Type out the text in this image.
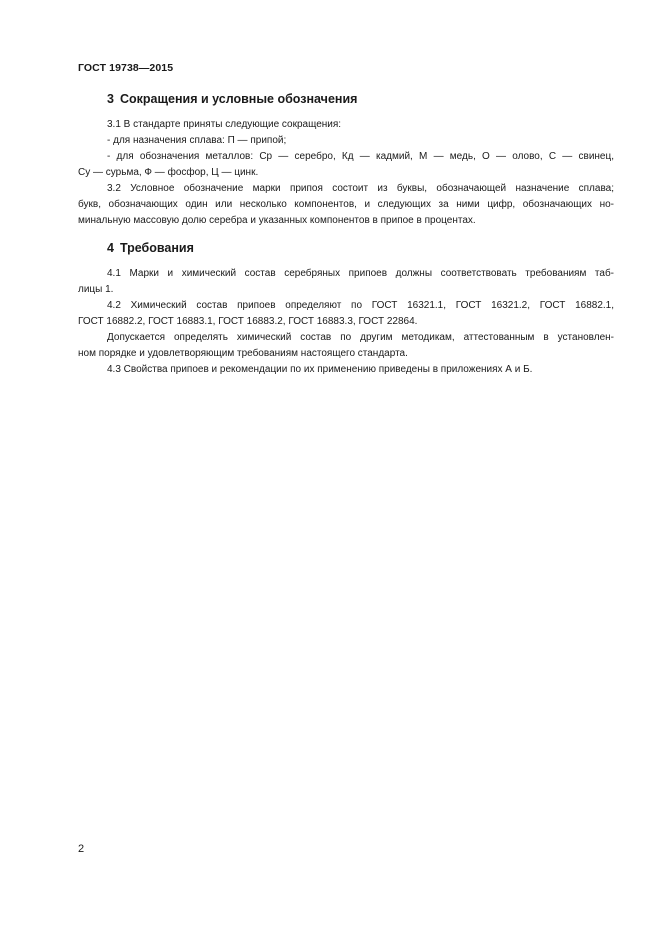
ГОСТ 19738—2015
3 Сокращения и условные обозначения
3.1 В стандарте приняты следующие сокращения:
- для назначения сплава: П — припой;
- для обозначения металлов: Ср — серебро, Кд — кадмий, М — медь, О — олово, С — свинец,
Су — сурьма, Ф — фосфор, Ц — цинк.
3.2 Условное обозначение марки припоя состоит из буквы, обозначающей назначение сплава;
букв, обозначающих один или несколько компонентов, и следующих за ними цифр, обозначающих но-
минальную массовую долю серебра и указанных компонентов в припое в процентах.
4 Требования
4.1 Марки и химический состав серебряных припоев должны соответствовать требованиям таб-
лицы 1.
4.2 Химический состав припоев определяют по ГОСТ 16321.1, ГОСТ 16321.2, ГОСТ 16882.1,
ГОСТ 16882.2, ГОСТ 16883.1, ГОСТ 16883.2, ГОСТ 16883.3, ГОСТ 22864.
Допускается определять химический состав по другим методикам, аттестованным в установлен-
ном порядке и удовлетворяющим требованиям настоящего стандарта.
4.3 Свойства припоев и рекомендации по их применению приведены в приложениях А и Б.
2
